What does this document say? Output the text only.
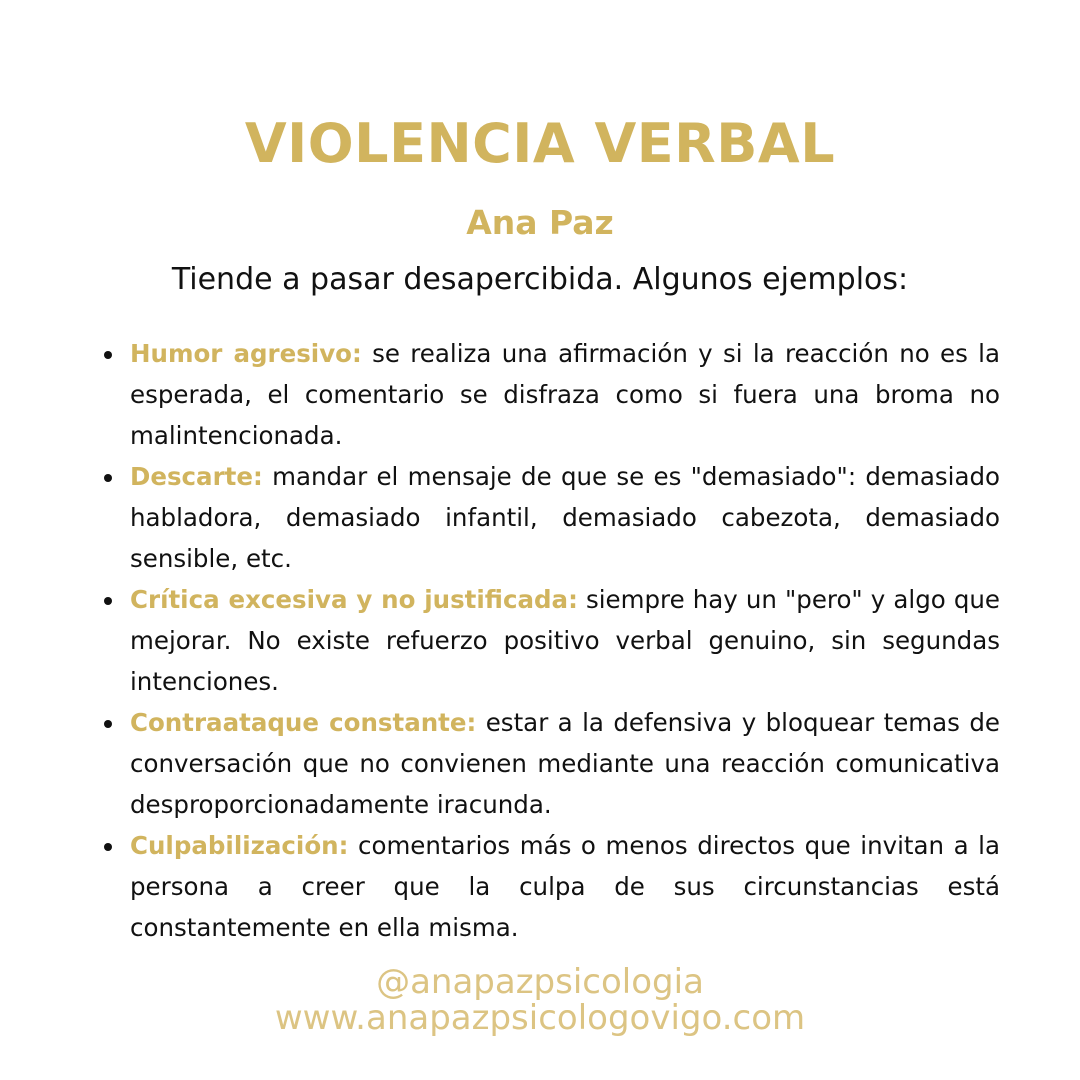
VIOLENCIA VERBAL
Ana Paz
Tiende a pasar desapercibida. Algunos ejemplos:
Humor agresivo: se realiza una afirmación y si la reacción no es la esperada, el comentario se disfraza como si fuera una broma no malintencionada.
Descarte: mandar el mensaje de que se es "demasiado": demasiado habladora, demasiado infantil, demasiado cabezota, demasiado sensible, etc.
Crítica excesiva y no justificada: siempre hay un "pero" y algo que mejorar. No existe refuerzo positivo verbal genuino, sin segundas intenciones.
Contraataque constante: estar a la defensiva y bloquear temas de conversación que no convienen mediante una reacción comunicativa desproporcionadamente iracunda.
Culpabilización: comentarios más o menos directos que invitan a la persona a creer que la culpa de sus circunstancias está constantemente en ella misma.
@anapazpsicologia
www.anapazpsicologovigo.com
